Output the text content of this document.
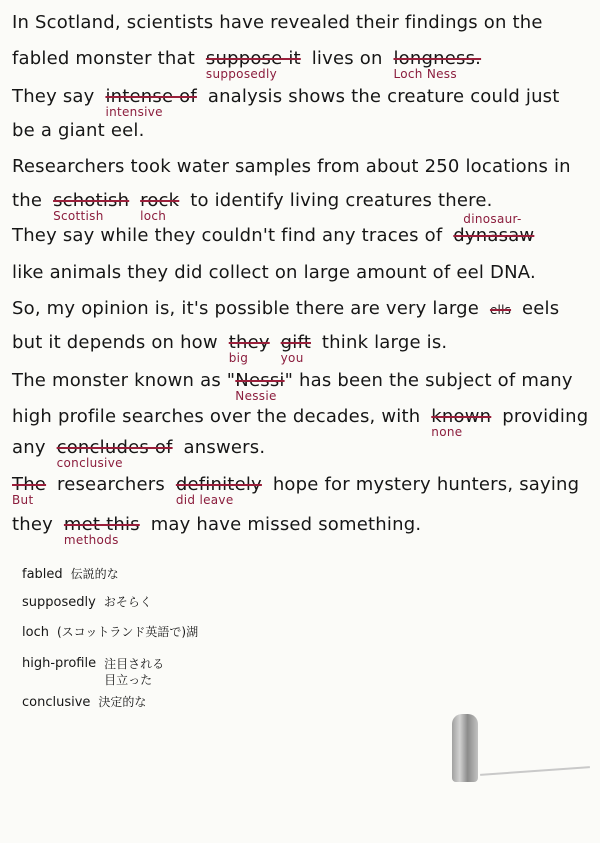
In Scotland, scientists have revealed their findings on the
fabled monster that suppose it
supposedly
lives on longness.
Loch Ness
They say intense of
intensive
analysis shows the creature could just
be a giant eel.
Researchers took water samples from about 250 locations in
the schotish
Scottish
rock
loch
to identify living creatures there.
They say while they couldn't find any traces of dynasaw
dinosaur-
like animals they did collect on large amount of eel DNA.
So, my opinion is, it's possible there are very large ells eels
but it depends on how they
big
gift
you
think large is.
The monster known as "Nessi
Nessie
" has been the subject of many
high profile searches over the decades, with known
none
providing
any concludes of
conclusive
answers.
The
But
researchers definitely
did leave
hope for mystery hunters, saying
they met this
methods
may have missed something.
fabled 伝説的な
supposedly おそらく
loch (スコットランド英語で)湖
high-profile 注目される 目立った
conclusive 決定的な
